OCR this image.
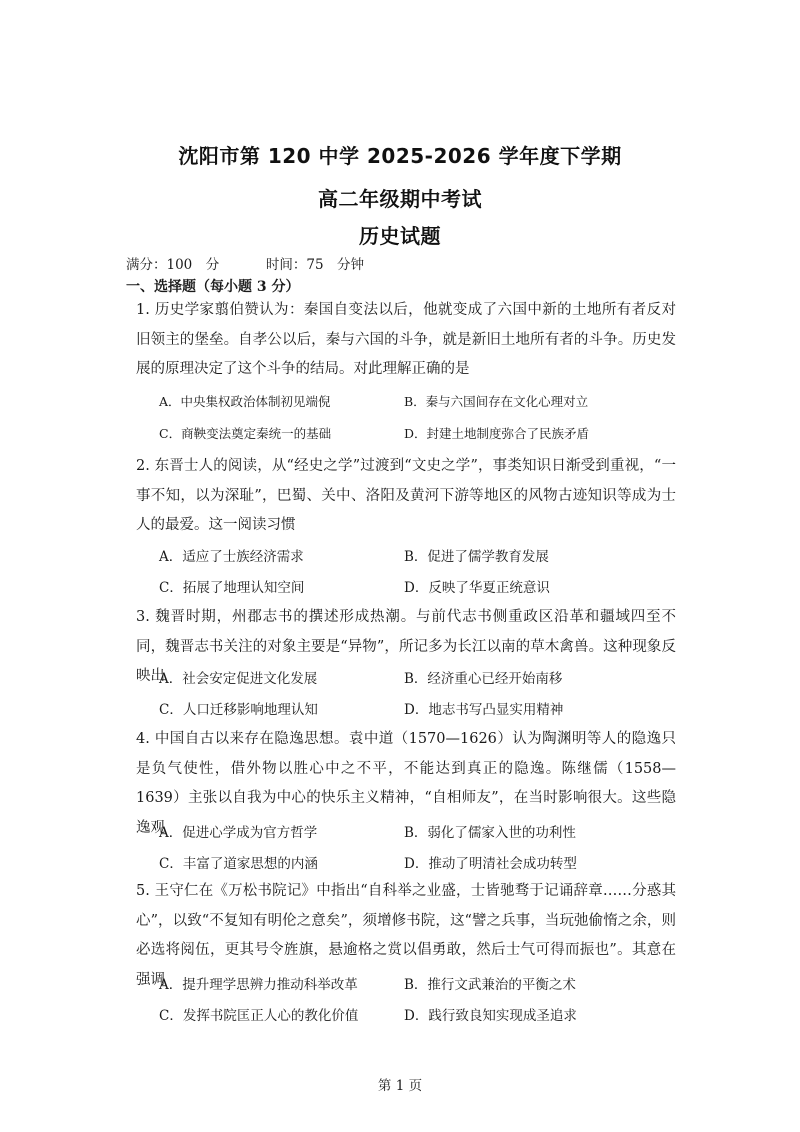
沈阳市第 120 中学 2025-2026 学年度下学期
高二年级期中考试
历史试题
满分：100　分	时间：75　分钟
一、选择题（每小题 3 分）

1. 历史学家翦伯赞认为：秦国自变法以后，他就变成了六国中新的土地所有者反对旧领主的堡垒。自孝公以后，秦与六国的斗争，就是新旧土地所有者的斗争。历史发展的原理决定了这个斗争的结局。对此理解正确的是

A．中央集权政治体制初见端倪	B．秦与六国间存在文化心理对立
C．商鞅变法奠定秦统一的基础	D．封建土地制度弥合了民族矛盾

2. 东晋士人的阅读，从“经史之学”过渡到“文史之学”，事类知识日渐受到重视，“一事不知，以为深耻”，巴蜀、关中、洛阳及黄河下游等地区的风物古迹知识等成为士人的最爱。这一阅读习惯

A．适应了士族经济需求	B．促进了儒学教育发展
C．拓展了地理认知空间	D．反映了华夏正统意识

3. 魏晋时期，州郡志书的撰述形成热潮。与前代志书侧重政区沿革和疆域四至不同，魏晋志书关注的对象主要是“异物”，所记多为长江以南的草木禽兽。这种现象反映出

A．社会安定促进文化发展	B．经济重心已经开始南移
C．人口迁移影响地理认知	D．地志书写凸显实用精神

4. 中国自古以来存在隐逸思想。袁中道（1570—1626）认为陶渊明等人的隐逸只是负气使性，借外物以胜心中之不平，不能达到真正的隐逸。陈继儒（1558—1639）主张以自我为中心的快乐主义精神，“自相师友”，在当时影响很大。这些隐逸观

A．促进心学成为官方哲学	B．弱化了儒家入世的功利性
C．丰富了道家思想的内涵	D．推动了明清社会成功转型

5. 王守仁在《万松书院记》中指出“自科举之业盛，士皆驰骛于记诵辞章……分惑其心”，以致“不复知有明伦之意矣”，须增修书院，这“譬之兵事，当玩弛偷惰之余，则必选将阅伍，更其号令旌旗，悬逾格之赏以倡勇敢，然后士气可得而振也”。其意在强调

A．提升理学思辨力推动科举改革	B．推行文武兼治的平衡之术
C．发挥书院匡正人心的教化价值	D．践行致良知实现成圣追求
第 1 页
